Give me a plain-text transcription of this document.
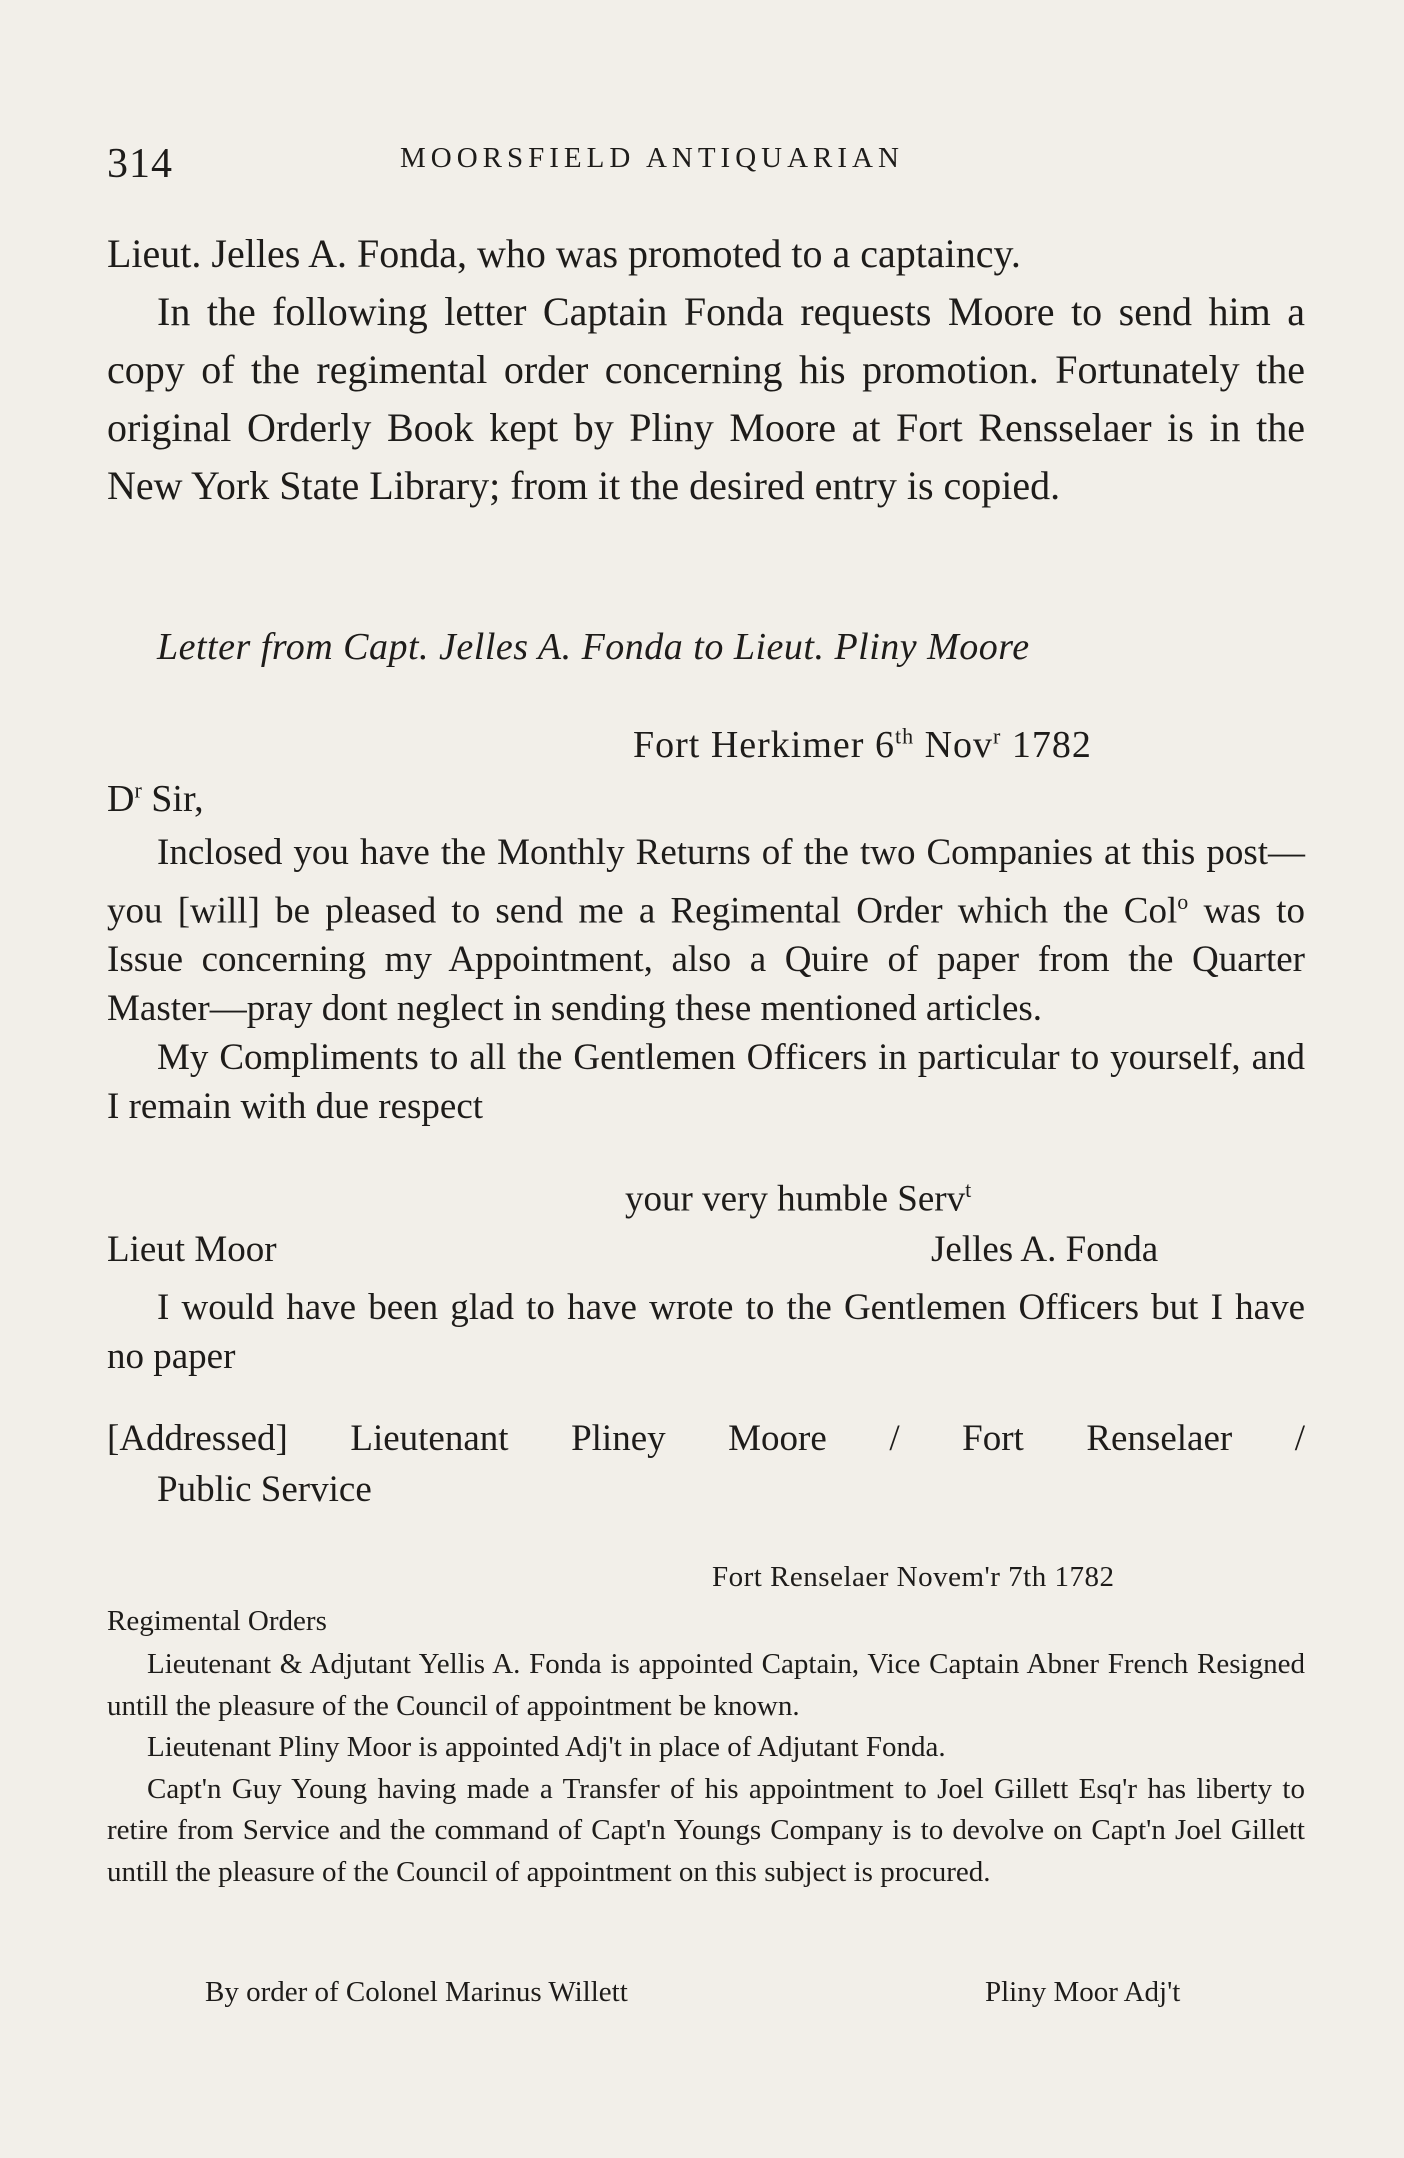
314	MOORSFIELD ANTIQUARIAN

Lieut. Jelles A. Fonda, who was promoted to a captaincy.

In the following letter Captain Fonda requests Moore to send him a copy of the regimental order concerning his promotion. Fortunately the original Orderly Book kept by Pliny Moore at Fort Rensselaer is in the New York State Library; from it the desired entry is copied.

Letter from Capt. Jelles A. Fonda to Lieut. Pliny Moore
Fort Herkimer 6th Nov$^r$ 1782
$D^r$ Sir,

Inclosed you have the Monthly Returns of the two Companies at this post—you [will] be pleased to send me a Regimental Order which the Col$^o$ was to Issue concerning my Appointment, also a Quire of paper from the Quarter Master—pray dont neglect in sending these mentioned articles.

My Compliments to all the Gentlemen Officers in particular to yourself, and I remain with due respect

your very humble Serv$^t$
Lieut Moor	Jelles A. Fonda

I would have been glad to have wrote to the Gentlemen Officers but I have no paper

[Addressed] Lieutenant Pliney Moore / Fort Renselaer /

Public Service

Fort Renselaer Novem'r 7th 1782
Regimental Orders

Lieutenant & Adjutant Yellis A. Fonda is appointed Captain, Vice Captain Abner French Resigned untill the pleasure of the Council of appointment be known.

Lieutenant Pliny Moor is appointed Adj't in place of Adjutant Fonda.

Capt'n Guy Young having made a Transfer of his appointment to Joel Gillett Esq'r has liberty to retire from Service and the command of Capt'n Youngs Company is to devolve on Capt'n Joel Gillett untill the pleasure of the Council of appointment on this subject is procured.

By order of Colonel Marinus Willett	Pliny Moor Adj't
